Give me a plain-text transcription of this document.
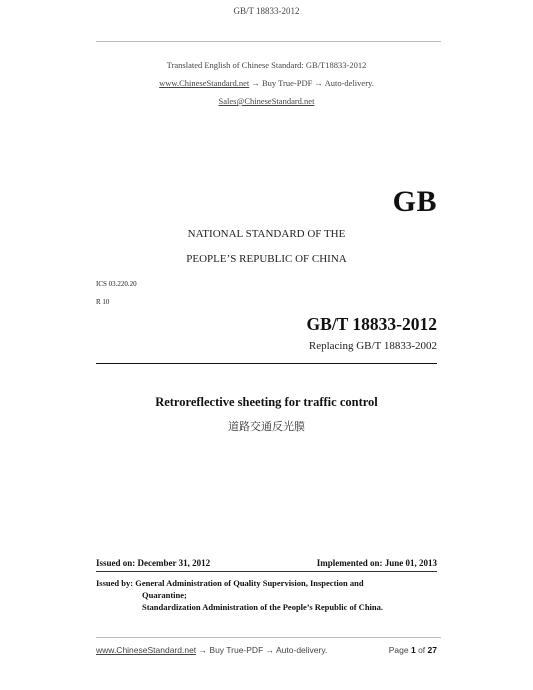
GB/T 18833-2012
Translated English of Chinese Standard: GB/T18833-2012
www.ChineseStandard.net → Buy True-PDF → Auto-delivery.
Sales@ChineseStandard.net
GB
NATIONAL STANDARD OF THE
PEOPLE’S REPUBLIC OF CHINA
ICS 03.220.20
R 10
GB/T 18833-2012
Replacing GB/T 18833-2002
Retroreflective sheeting for traffic control
道路交通反光膜
Issued on: December 31, 2012	Implemented on: June 01, 2013
Issued by: General Administration of Quality Supervision, Inspection and
Quarantine;
Standardization Administration of the People’s Republic of China.
www.ChineseStandard.net → Buy True-PDF → Auto-delivery.	Page 1 of 27
